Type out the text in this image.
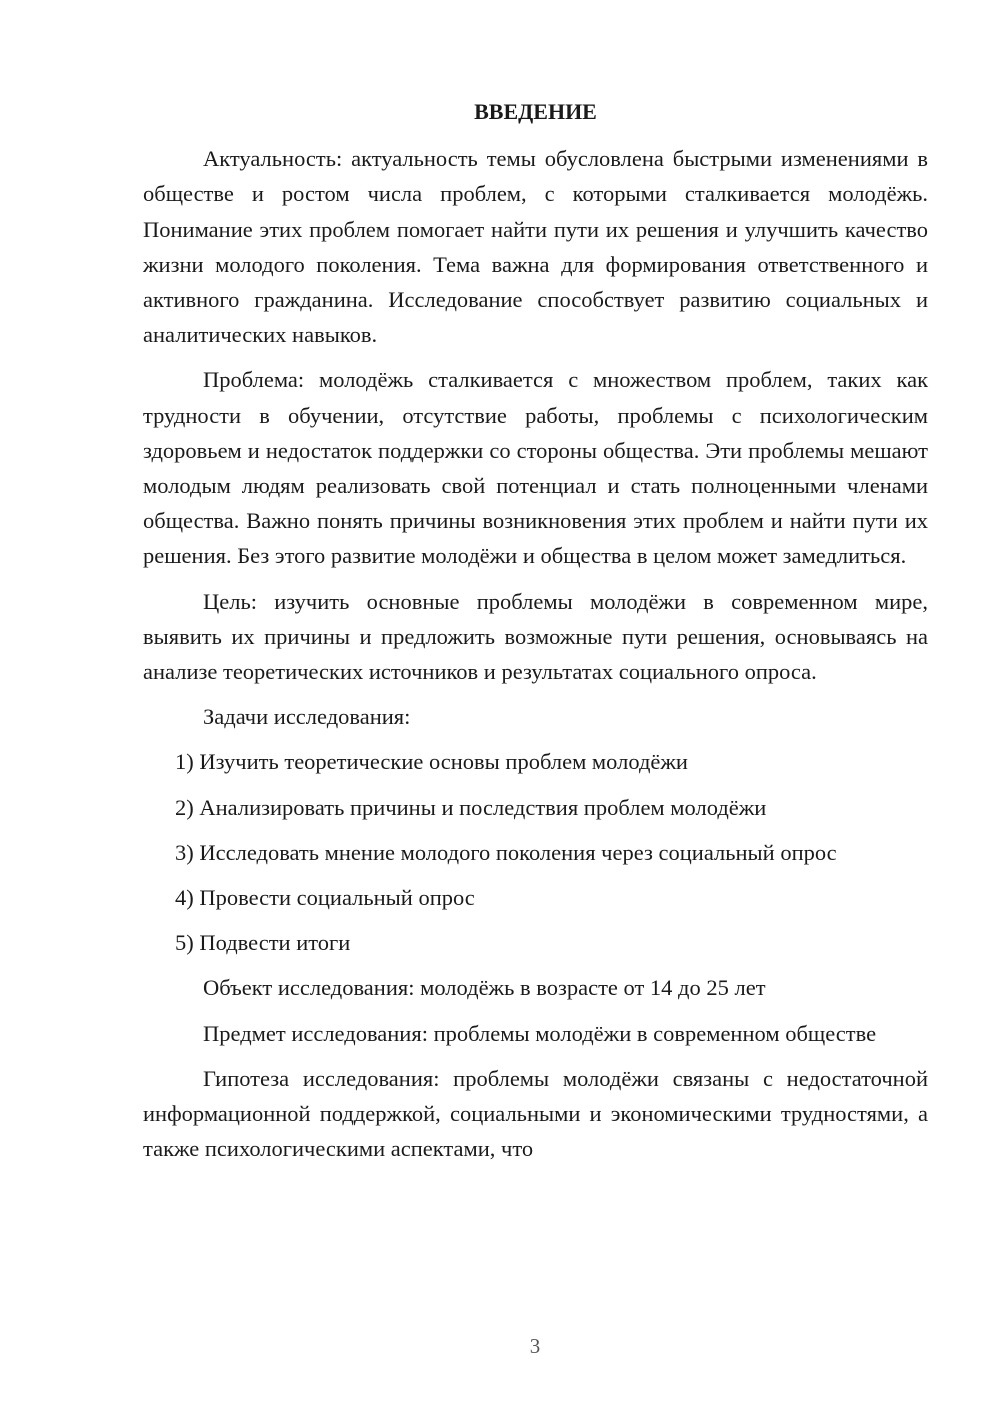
ВВЕДЕНИЕ

Актуальность: актуальность темы обусловлена быстрыми изменениями в обществе и ростом числа проблем, с которыми сталкивается молодёжь. Понимание этих проблем помогает найти пути их решения и улучшить качество жизни молодого поколения. Тема важна для формирования ответственного и активного гражданина. Исследование способствует развитию социальных и аналитических навыков.

Проблема: молодёжь сталкивается с множеством проблем, таких как трудности в обучении, отсутствие работы, проблемы с психологическим здоровьем и недостаток поддержки со стороны общества. Эти проблемы мешают молодым людям реализовать свой потенциал и стать полноценными членами общества. Важно понять причины возникновения этих проблем и найти пути их решения. Без этого развитие молодёжи и общества в целом может замедлиться.

Цель: изучить основные проблемы молодёжи в современном мире, выявить их причины и предложить возможные пути решения, основываясь на анализе теоретических источников и результатах социального опроса.

Задачи исследования:

1) Изучить теоретические основы проблем молодёжи

2) Анализировать причины и последствия проблем молодёжи

3) Исследовать мнение молодого поколения через социальный опрос

4) Провести социальный опрос

5) Подвести итоги

Объект исследования: молодёжь в возрасте от 14 до 25 лет

Предмет исследования: проблемы молодёжи в современном обществе

Гипотеза исследования: проблемы молодёжи связаны с недостаточной информационной поддержкой, социальными и экономическими трудностями, а также психологическими аспектами, что

3
